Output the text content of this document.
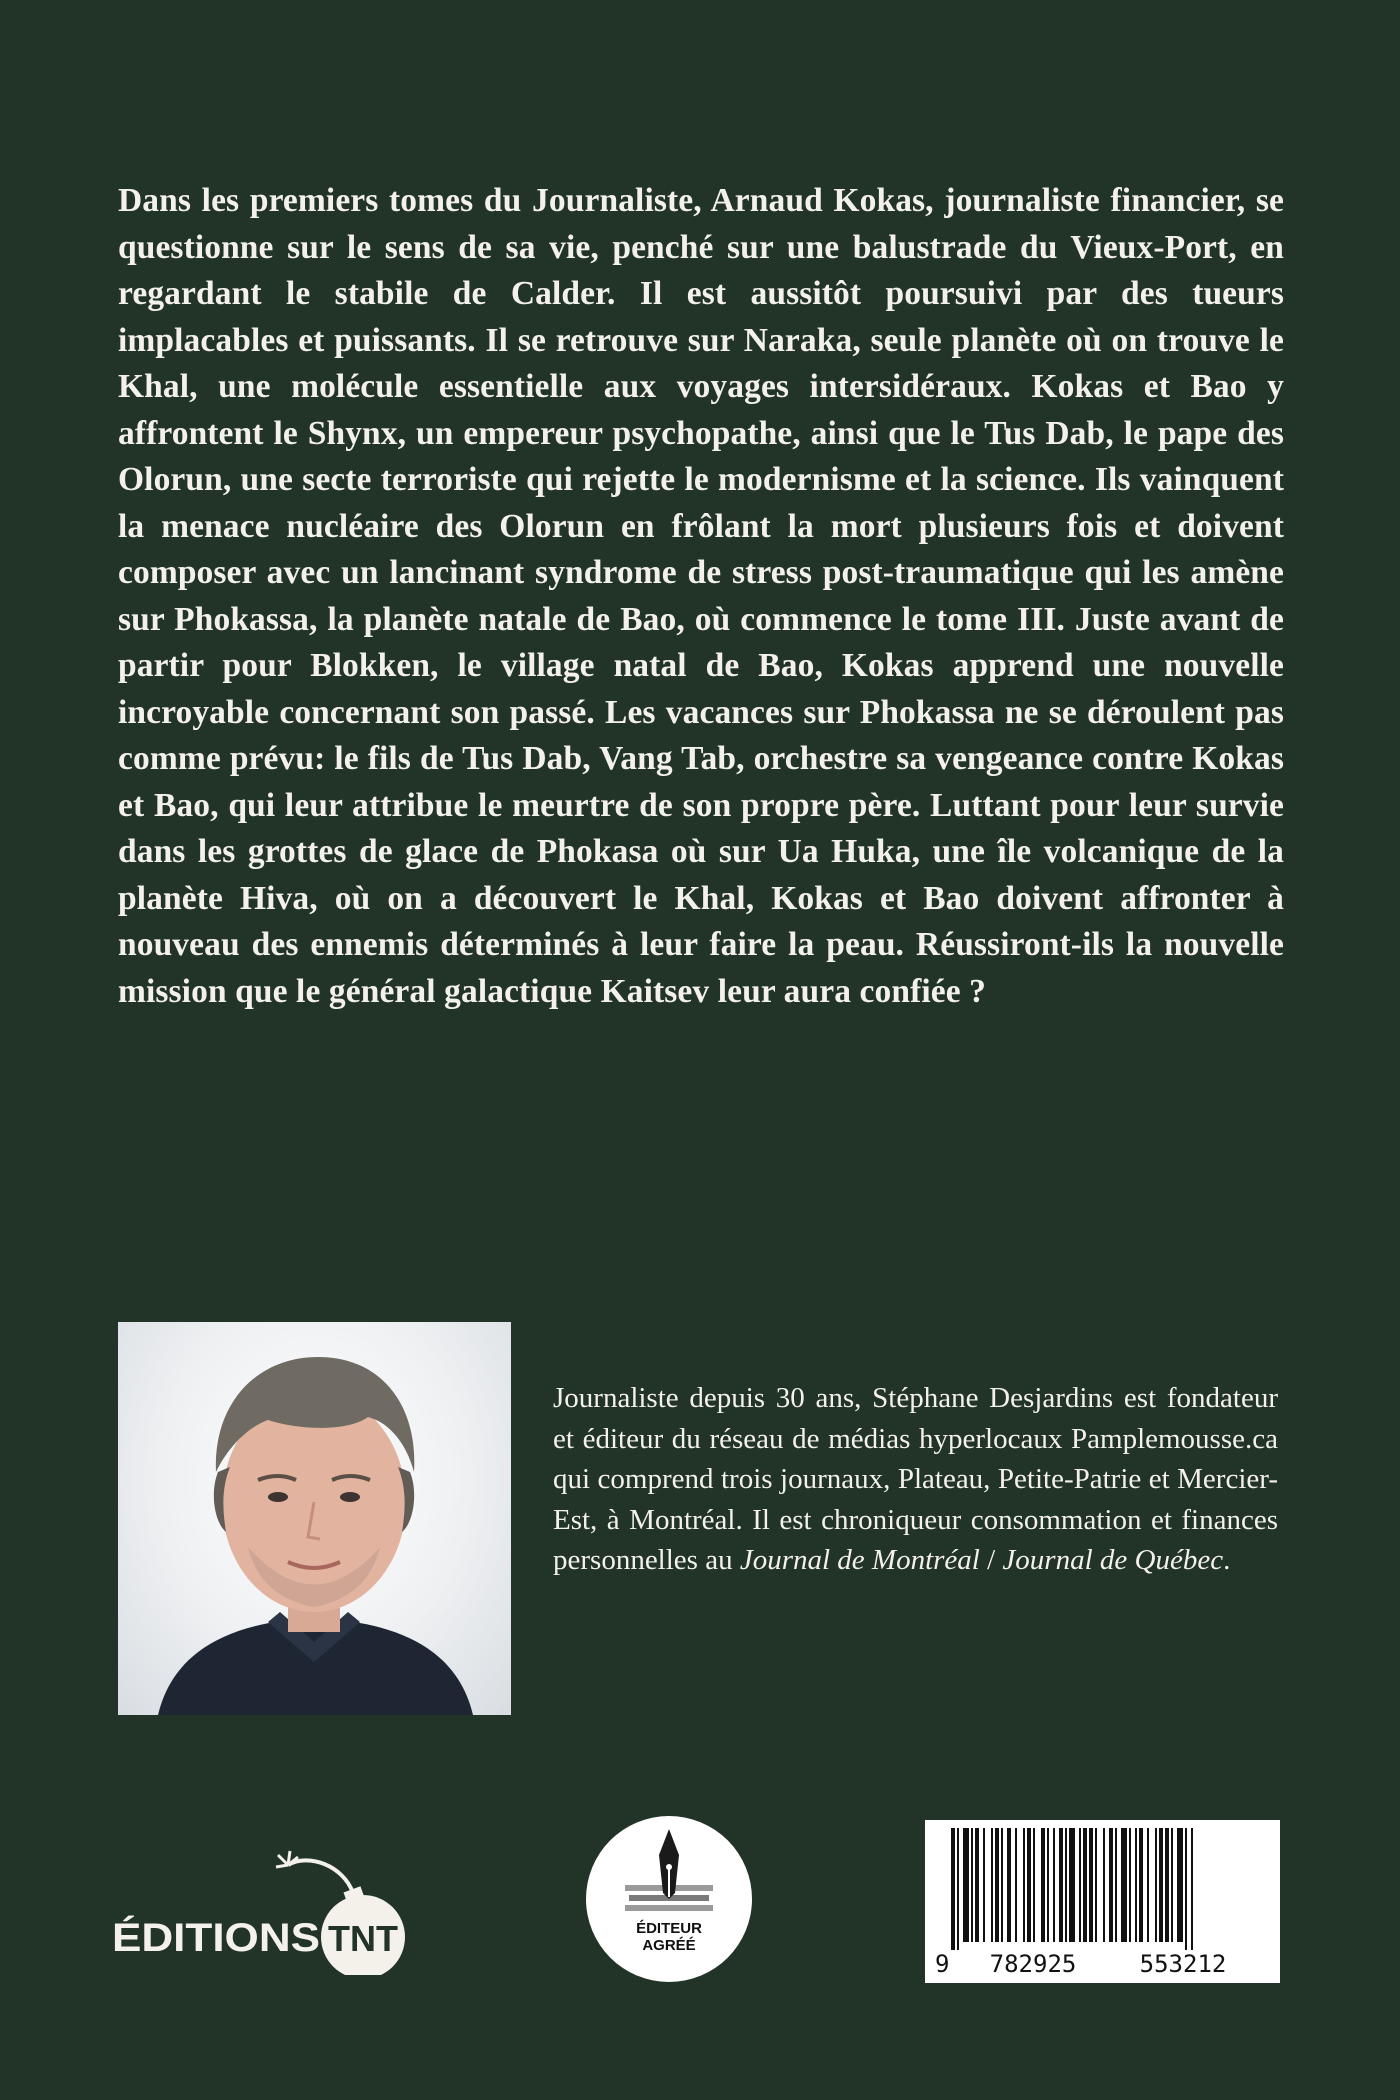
Dans les premiers tomes du Journaliste, Arnaud Kokas, journaliste financier, se questionne sur le sens de sa vie, penché sur une balustrade du Vieux-Port, en regardant le stabile de Calder. Il est aussitôt poursuivi par des tueurs implacables et puissants. Il se retrouve sur Naraka, seule planète où on trouve le Khal, une molécule essentielle aux voyages intersidéraux. Kokas et Bao y affrontent le Shynx, un empereur psychopathe, ainsi que le Tus Dab, le pape des Olorun, une secte terroriste qui rejette le modernisme et la science. Ils vainquent la menace nucléaire des Olorun en frôlant la mort plusieurs fois et doivent composer avec un lancinant syndrome de stress post-traumatique qui les amène sur Phokassa, la planète natale de Bao, où commence le tome III. Juste avant de partir pour Blokken, le village natal de Bao, Kokas apprend une nouvelle incroyable concernant son passé. Les vacances sur Phokassa ne se déroulent pas comme prévu: le fils de Tus Dab, Vang Tab, orchestre sa vengeance contre Kokas et Bao, qui leur attribue le meurtre de son propre père. Luttant pour leur survie dans les grottes de glace de Phokasa où sur Ua Huka, une île volcanique de la planète Hiva, où on a découvert le Khal, Kokas et Bao doivent affronter à nouveau des ennemis déterminés à leur faire la peau. Réussiront-ils la nouvelle mission que le général galactique Kaitsev leur aura confiée ?

Journaliste depuis 30 ans, Stéphane Desjardins est fondateur et éditeur du réseau de médias hyperlocaux Pamplemousse.ca qui comprend trois journaux, Plateau, Petite-Patrie et Mercier-Est, à Montréal. Il est chroniqueur consommation et finances personnelles au Journal de Montréal / Journal de Québec.

TNT
ÉDITIONS	ÉDITEUR
AGRÉÉ
9 782925	553212
